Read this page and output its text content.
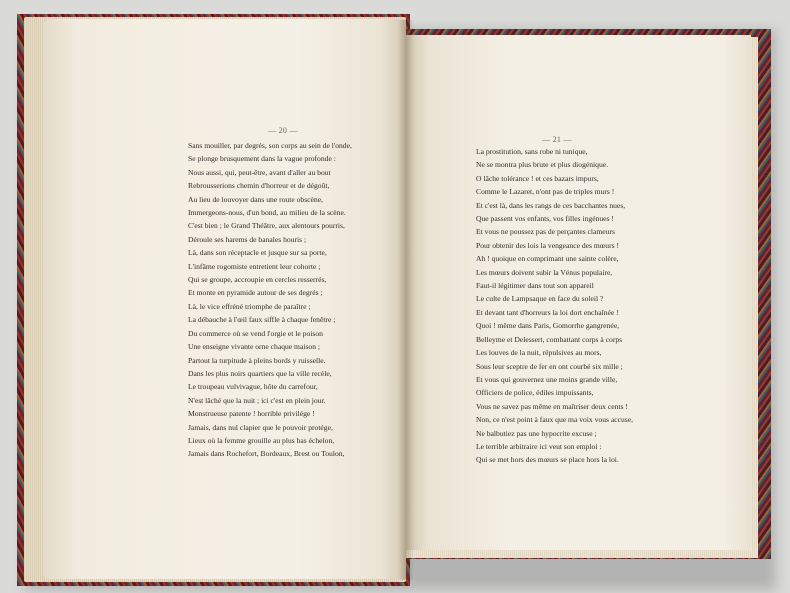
— 20 —
Sans mouiller, par degrés, son corps au sein de l'onde,
Se plonge brusquement dans la vague profonde :
Nous aussi, qui, peut-être, avant d'aller au bout
Rebrousserions chemin d'horreur et de dégoût,
Au lieu de louvoyer dans une route obscène,
Immergeons-nous, d'un bond, au milieu de la scène.
C'est bien ; le Grand Théâtre, aux alentours pourris,
Déroule ses harems de banales houris ;
Là, dans son réceptacle et jusque sur sa porte,
L'infâme rogomiste entretient leur cohorte ;
Qui se groupe, accroupie en cercles resserrés,
Et monte en pyramide autour de ses degrés ;
Là, le vice effréné triomphe de paraître ;
La débauche à l'œil faux siffle à chaque fenêtre ;
Du commerce où se vend l'orgie et le poison
Une enseigne vivante orne chaque maison ;
Partout la turpitude à pleins bords y ruisselle.
Dans les plus noirs quartiers que la ville recèle,
Le troupeau vulvivague, hôte du carrefour,
N'est lâché que la nuit ; ici c'est en plein jour.
Monstrueuse patente ! horrible privilége !
Jamais, dans nul clapier que le pouvoir protége,
Lieux où la femme grouille au plus bas échelon,
Jamais dans Rochefort, Bordeaux, Brest ou Toulon,
— 21 —
La prostitution, sans robe ni tunique,
Ne se montra plus brute et plus diogénique.
O lâche tolérance ! et ces bazars impurs,
Comme le Lazaret, n'ont pas de triples murs !
Et c'est là, dans les rangs de ces bacchantes nues,
Que passent vos enfants, vos filles ingénues !
Et vous ne poussez pas de perçantes clameurs
Pour obtenir des lois la vengeance des mœurs !
Ah ! quoique en comprimant une sainte colère,
Les mœurs doivent subir la Vénus populaire,
Faut-il légitimer dans tout son appareil
Le culte de Lampsaque en face du soleil ?
Et devant tant d'horreurs la loi dort enchaînée !
Quoi ! même dans Paris, Gomorrhe gangrenée,
Belleyme et Delessert, combattant corps à corps
Les louves de la nuit, répulsives au mors,
Sous leur sceptre de fer en ont courbé six mille ;
Et vous qui gouvernez une moins grande ville,
Officiers de police, édiles impuissants,
Vous ne savez pas même en maîtriser deux cents !
Non, ce n'est point à faux que ma voix vous accuse,
Ne balbutiez pas une hypocrite excuse ;
Le terrible arbitraire ici veut son emploi :
Qui se met hors des mœurs se place hors la loi.
